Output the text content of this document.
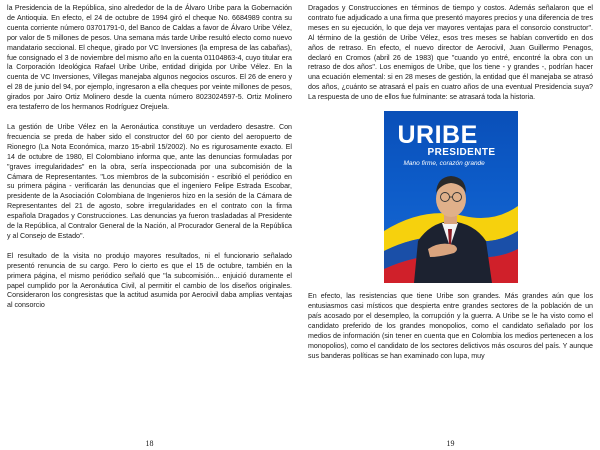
la Presidencia de la República, sino alrededor de la de Álvaro Uribe para la Gobernación de Antioquia. En efecto, el 24 de octubre de 1994 giró el cheque No. 6684989 contra su cuenta corriente número 03701791-0, del Banco de Caldas a favor de Álvaro Uribe Vélez, por valor de 5 millones de pesos. Una semana más tarde Uribe resultó electo como nuevo mandatario seccional. El cheque, girado por VC Inversiones (la empresa de las cabañas), fue consignado el 3 de noviembre del mismo año en la cuenta 01104863-4, cuyo titular era la Corporación Ideológica Rafael Uribe Uribe, entidad dirigida por Uribe Vélez. En la cuenta de VC Inversiones, Villegas manejaba algunos negocios oscuros. El 26 de enero y el 28 de junio del 94, por ejemplo, ingresaron a ella cheques por veinte millones de pesos, girados por Jairo Ortiz Molinero desde la cuenta número 8023024597-5. Ortiz Molinero era testaferro de los hermanos Rodríguez Orejuela.

La gestión de Uribe Vélez en la Aeronáutica constituye un verdadero desastre. Con frecuencia se preda de haber sido el constructor del 60 por ciento del aeropuerto de Rionegro (La Nota Económica, marzo 15-abril 15/2002). No es rigurosamente exacto. El 14 de octubre de 1980, El Colombiano informa que, ante las denuncias formuladas por "graves irregularidades" en la obra, sería inspeccionada por una subcomisión de la Cámara de Representantes. "Los miembros de la subcomisión - escribió el periódico en su primera página - verificarán las denuncias que el ingeniero Felipe Estrada Escobar, presidente de la Asociación Colombiana de Ingenieros hizo en la sesión de la Cámara de Representantes del 21 de agosto, sobre irregularidades en el contrato con la firma española Dragados y Construcciones. Las denuncias ya fueron trasladadas al Presidente de la República, al Contralor General de la Nación, al Procurador General de la República y al Consejo de Estado".

El resultado de la visita no produjo mayores resultados, ni el funcionario señalado presentó renuncia de su cargo. Pero lo cierto es que el 15 de octubre, también en la primera página, el mismo periódico señaló que "la subcomisión... enjuició duramente el papel cumplido por la Aeronáutica Civil, al permitir el cambio de los diseños originales. Consideraron los congresistas que la actitud asumida por Aerocivil daba amplias ventajas al consorcio

18

Dragados y Construcciones en términos de tiempo y costos. Además señalaron que el contrato fue adjudicado a una firma que presentó mayores precios y una diferencia de tres meses en su ejecución, lo que deja ver mayores ventajas para el consorcio constructor". Al término de la gestión de Uribe Vélez, esos tres meses se habían convertido en dos años de retraso. En efecto, el nuevo director de Aerocivil, Juan Guillermo Penagos, declaró en Cromos (abril 26 de 1983) que "cuando yo entré, encontré la obra con un retraso de dos años". Los enemigos de Uribe, que los tiene - y grandes -, podrían hacer una ecuación elemental: si en 28 meses de gestión, la entidad que él manejaba se atrasó dos años, ¿cuánto se atrasará el país en cuatro años de una eventual Presidencia suya? La respuesta de uno de ellos fue fulminante: se atrasará toda la historia.

URIBE
PRESIDENTE
Mano firme, corazón grande

En efecto, las resistencias que tiene Uribe son grandes. Más grandes aún que los entusiasmos casi místicos que despierta entre grandes sectores de la población de un país acosado por el desempleo, la corrupción y la guerra. A Uribe se le ha visto como el candidato preferido de los grandes monopolios, como el candidato señalado por los medios de información (sin tener en cuenta que en Colombia los medios pertenecen a los monopolios), como el candidato de los sectores delictivos más oscuros del país. Y aunque sus banderas políticas se han examinado con lupa, muy

19
